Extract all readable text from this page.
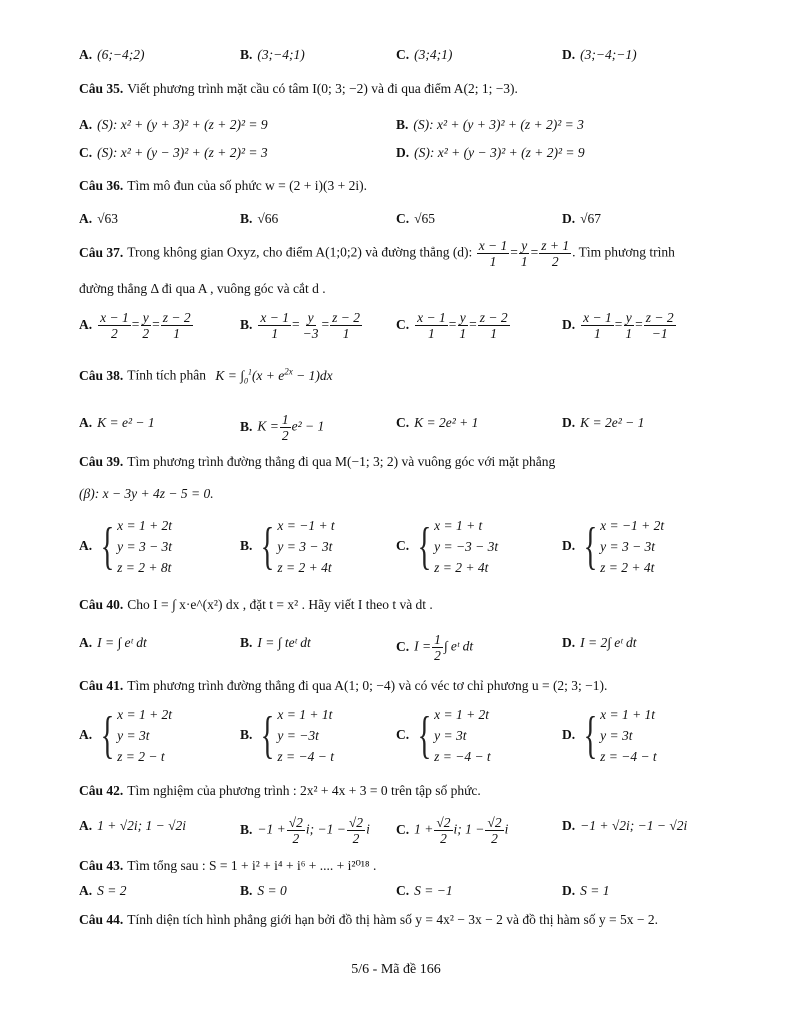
A. (6;−4;2)	B. (3;−4;1)	C. (3;4;1)	D. (3;−4;−1)
Câu 35. Viết phương trình mặt cầu có tâm I(0; 3; −2) và đi qua điểm A(2; 1; −3).
A. (S): x² + (y + 3)² + (z + 2)² = 9	B. (S): x² + (y + 3)² + (z + 2)² = 3
C. (S): x² + (y − 3)² + (z + 2)² = 3	D. (S): x² + (y − 3)² + (z + 2)² = 9
Câu 36. Tìm mô đun của số phức w = (2 + i)(3 + 2i).
A. √63	B. √66	C. √65	D. √67
Câu 37. Trong không gian Oxyz, cho điểm A(1;0;2) và đường thẳng (d): $\frac{x - 1}{1} = \frac{y}{1} = \frac{z + 1}{2}$ . Tìm phương trình
đường thẳng Δ đi qua A , vuông góc và cắt d .
A. $\frac{x - 1}{2} = \frac{y}{2} = \frac{z - 2}{1}$	B. $\frac{x - 1}{1} = \frac{y}{-3} = \frac{z - 2}{1}$	C. $\frac{x - 1}{1} = \frac{y}{1} = \frac{z - 2}{1}$	D. $\frac{x - 1}{1} = \frac{y}{1} = \frac{z - 2}{-1}$
Câu 38. Tính tích phân $K = \int_0^1(x + e^{2x} - 1)dx$
A. K = e² − 1	B. $K = \frac{1}{2} e^2 - 1$	C. K = 2e² + 1	D. K = 2e² − 1
Câu 39. Tìm phương trình đường thẳng đi qua M(−1; 3; 2) và vuông góc với mặt phẳng
(β): x − 3y + 4z − 5 = 0.
A. { x = 1 + 2t
y = 3 − 3t
z = 2 + 8t
B. { x = −1 + t
y = 3 − 3t
z = 2 + 4t
C. { x = 1 + t
y = −3 − 3t
z = 2 + 4t
D. { x = −1 + 2t
y = 3 − 3t
z = 2 + 4t
Câu 40. Cho I = ∫ x·e^(x²) dx , đặt t = x² . Hãy viết I theo t và dt .
A. I = ∫ eᵗ dt	B. I = ∫ teᵗ dt	C. $I = \frac{1}{2}$ ∫ eᵗ dt	D. I = 2∫ eᵗ dt
Câu 41. Tìm phương trình đường thẳng đi qua A(1; 0; −4) và có véc tơ chỉ phương u = (2; 3; −1).
A. { x = 1 + 2t
y = 3t
z = 2 − t
B. { x = 1 + 1t
y = −3t
z = −4 − t
C. { x = 1 + 2t
y = 3t
z = −4 − t
D. { x = 1 + 1t
y = 3t
z = −4 − t
Câu 42. Tìm nghiệm của phương trình : 2x² + 4x + 3 = 0 trên tập số phức.
A. 1 + √2i; 1 − √2i	B. $-1 + \frac{√2}{2} i$; $-1 - \frac{√2}{2}$ i C. $1 + \frac{√2}{2} i$; $1 - \frac{√2}{2}$ i	D. −1 + √2i; −1 − √2i
Câu 43. Tìm tổng sau : S = 1 + i² + i⁴ + i⁶ + .... + i²⁰¹⁸ .
A. S = 2	B. S = 0	C. S = −1	D. S = 1
Câu 44. Tính diện tích hình phẳng giới hạn bởi đồ thị hàm số y = 4x² − 3x − 2 và đồ thị hàm số y = 5x − 2.
5/6 - Mã đề 166
